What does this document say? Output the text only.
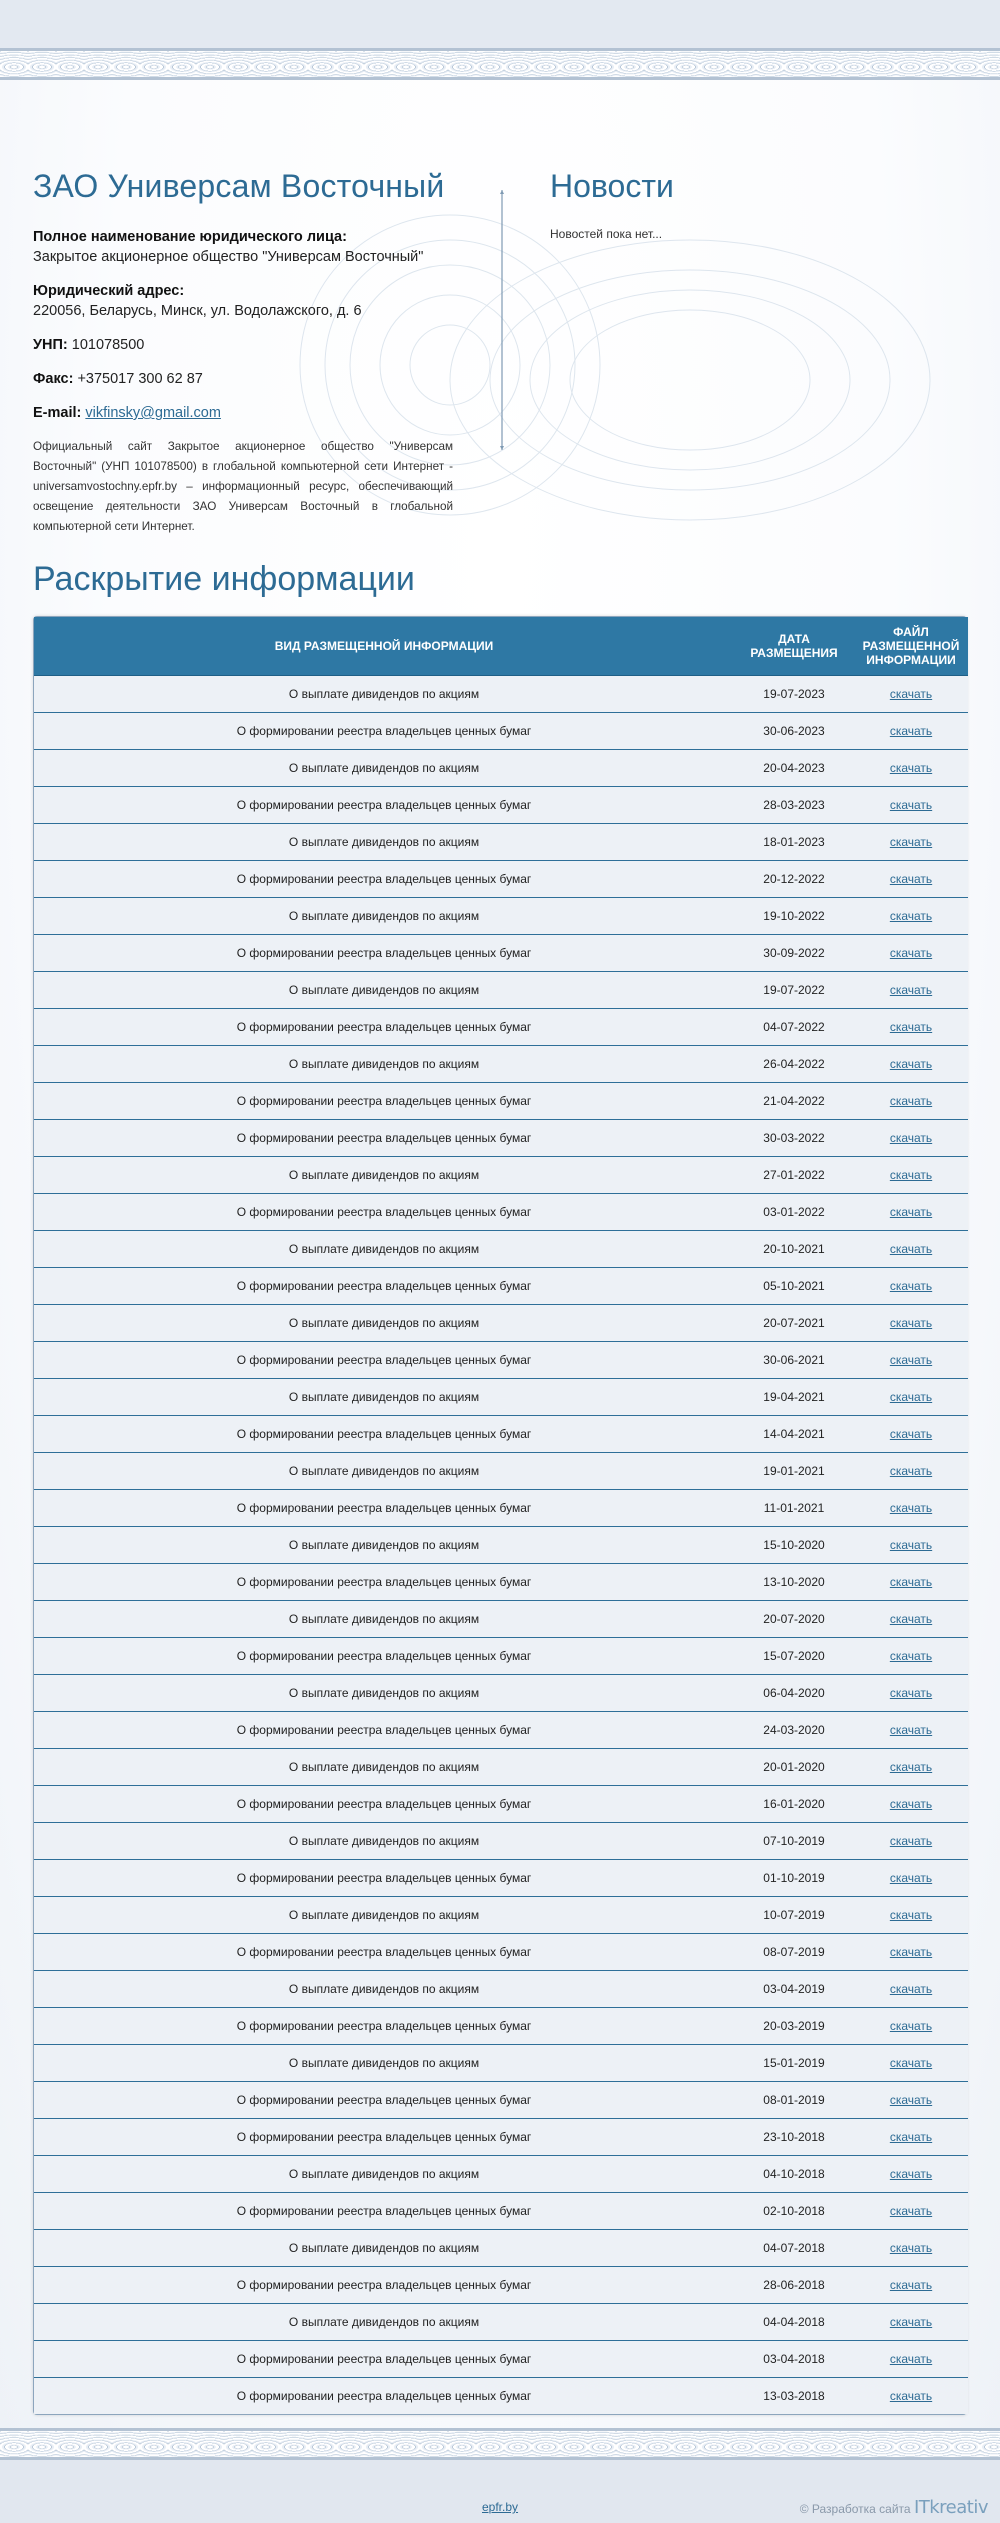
ЗАО Универсам Восточный
Полное наименование юридического лица:
Закрытое акционерное общество "Универсам Восточный"
Юридический адрес:
220056, Беларусь, Минск, ул. Водолажского, д. 6
УНП: 101078500
Факс: +375017 300 62 87
E-mail: vikfinsky@gmail.com

Официальный сайт Закрытое акционерное общество "Универсам Восточный" (УНП 101078500) в глобальной компьютерной сети Интернет - universamvostochny.epfr.by – информационный ресурс, обеспечивающий освещение деятельности ЗАО Универсам Восточный в глобальной компьютерной сети Интернет.

Новости
Новостей пока нет...
Раскрытие информации
ВИД РАЗМЕЩЕННОЙ ИНФОРМАЦИИ	ДАТА РАЗМЕЩЕНИЯ	ФАЙЛ РАЗМЕЩЕННОЙ ИНФОРМАЦИИ
О выплате дивидендов по акциям	19-07-2023	скачать
О формировании реестра владельцев ценных бумаг	30-06-2023	скачать
О выплате дивидендов по акциям	20-04-2023	скачать
О формировании реестра владельцев ценных бумаг	28-03-2023	скачать
О выплате дивидендов по акциям	18-01-2023	скачать
О формировании реестра владельцев ценных бумаг	20-12-2022	скачать
О выплате дивидендов по акциям	19-10-2022	скачать
О формировании реестра владельцев ценных бумаг	30-09-2022	скачать
О выплате дивидендов по акциям	19-07-2022	скачать
О формировании реестра владельцев ценных бумаг	04-07-2022	скачать
О выплате дивидендов по акциям	26-04-2022	скачать
О формировании реестра владельцев ценных бумаг	21-04-2022	скачать
О формировании реестра владельцев ценных бумаг	30-03-2022	скачать
О выплате дивидендов по акциям	27-01-2022	скачать
О формировании реестра владельцев ценных бумаг	03-01-2022	скачать
О выплате дивидендов по акциям	20-10-2021	скачать
О формировании реестра владельцев ценных бумаг	05-10-2021	скачать
О выплате дивидендов по акциям	20-07-2021	скачать
О формировании реестра владельцев ценных бумаг	30-06-2021	скачать
О выплате дивидендов по акциям	19-04-2021	скачать
О формировании реестра владельцев ценных бумаг	14-04-2021	скачать
О выплате дивидендов по акциям	19-01-2021	скачать
О формировании реестра владельцев ценных бумаг	11-01-2021	скачать
О выплате дивидендов по акциям	15-10-2020	скачать
О формировании реестра владельцев ценных бумаг	13-10-2020	скачать
О выплате дивидендов по акциям	20-07-2020	скачать
О формировании реестра владельцев ценных бумаг	15-07-2020	скачать
О выплате дивидендов по акциям	06-04-2020	скачать
О формировании реестра владельцев ценных бумаг	24-03-2020	скачать
О выплате дивидендов по акциям	20-01-2020	скачать
О формировании реестра владельцев ценных бумаг	16-01-2020	скачать
О выплате дивидендов по акциям	07-10-2019	скачать
О формировании реестра владельцев ценных бумаг	01-10-2019	скачать
О выплате дивидендов по акциям	10-07-2019	скачать
О формировании реестра владельцев ценных бумаг	08-07-2019	скачать
О выплате дивидендов по акциям	03-04-2019	скачать
О формировании реестра владельцев ценных бумаг	20-03-2019	скачать
О выплате дивидендов по акциям	15-01-2019	скачать
О формировании реестра владельцев ценных бумаг	08-01-2019	скачать
О формировании реестра владельцев ценных бумаг	23-10-2018	скачать
О выплате дивидендов по акциям	04-10-2018	скачать
О формировании реестра владельцев ценных бумаг	02-10-2018	скачать
О выплате дивидендов по акциям	04-07-2018	скачать
О формировании реестра владельцев ценных бумаг	28-06-2018	скачать
О выплате дивидендов по акциям	04-04-2018	скачать
О формировании реестра владельцев ценных бумаг	03-04-2018	скачать
О формировании реестра владельцев ценных бумаг	13-03-2018	скачать
epfr.by	© Разработка сайта ITkreativ
